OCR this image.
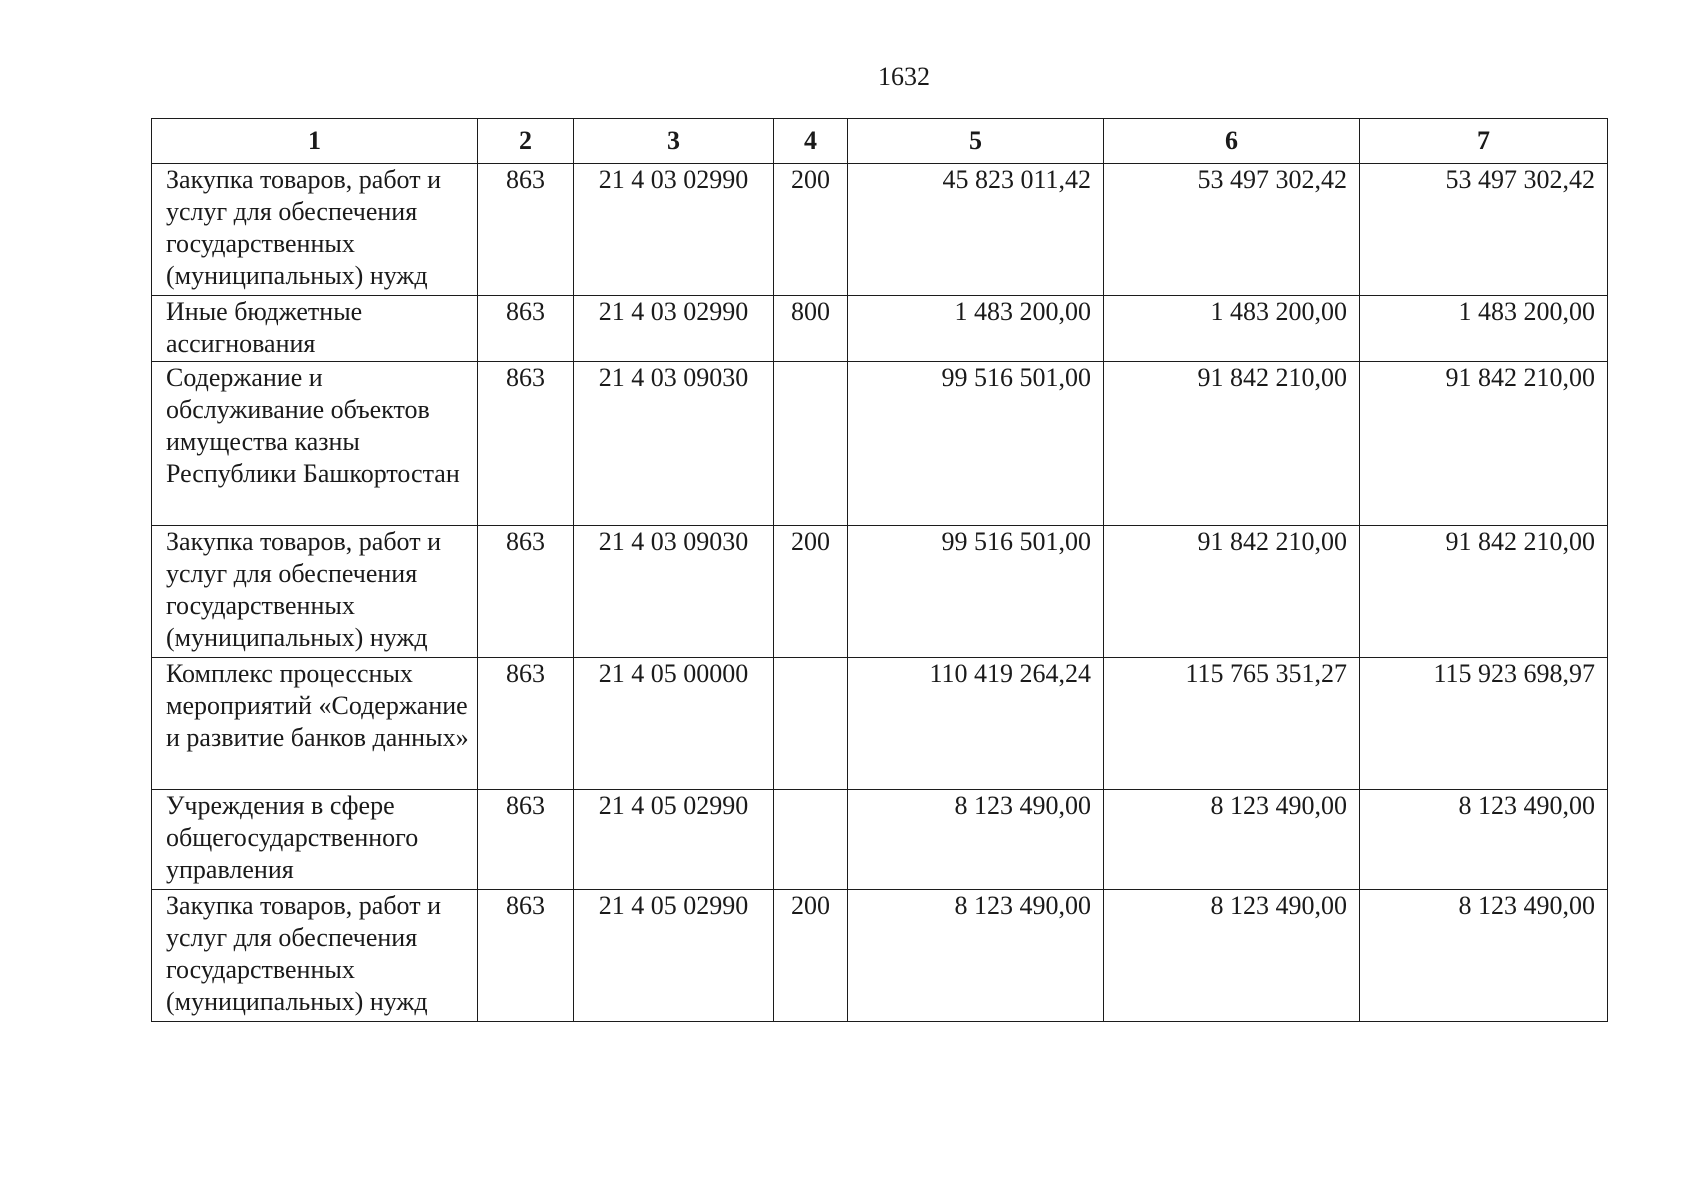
1632
1	2	3	4	5	6	7
Закупка товаров, работ и услуг для обеспечения государственных (муниципальных) нужд	863	21 4 03 02990	200	45 823 011,42	53 497 302,42	53 497 302,42
Иные бюджетные ассигнования	863	21 4 03 02990	800	1 483 200,00	1 483 200,00	1 483 200,00
Содержание и обслуживание объектов имущества казны Республики Башкортостан	863	21 4 03 09030		99 516 501,00	91 842 210,00	91 842 210,00
Закупка товаров, работ и услуг для обеспечения государственных (муниципальных) нужд	863	21 4 03 09030	200	99 516 501,00	91 842 210,00	91 842 210,00
Комплекс процессных мероприятий «Содержание и развитие банков данных»	863	21 4 05 00000		110 419 264,24	115 765 351,27	115 923 698,97
Учреждения в сфере общегосударственного управления	863	21 4 05 02990		8 123 490,00	8 123 490,00	8 123 490,00
Закупка товаров, работ и услуг для обеспечения государственных (муниципальных) нужд	863	21 4 05 02990	200	8 123 490,00	8 123 490,00	8 123 490,00
